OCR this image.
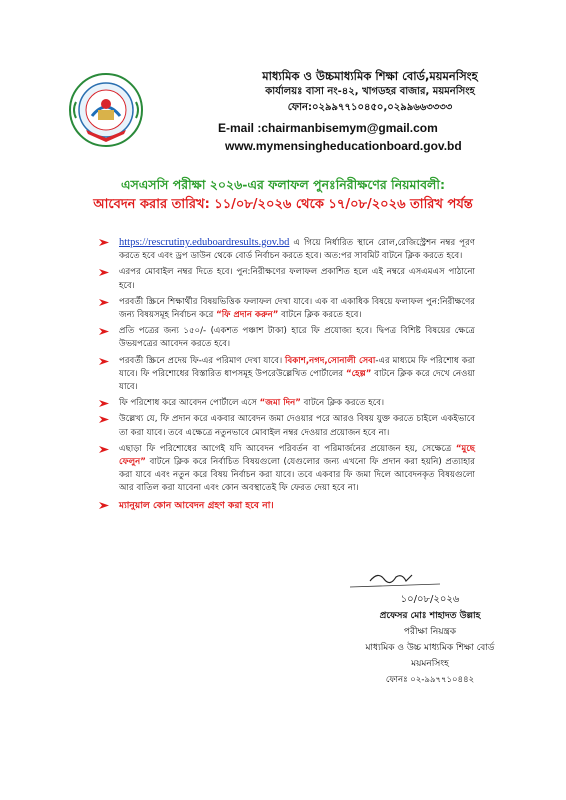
মাধ্যমিক ও উচ্চমাধ্যমিক শিক্ষা বোর্ড,ময়মনসিংহ
কার্যালয়ঃ বাসা নং-৪২, খাগডহর বাজার, ময়মনসিংহ
ফোন:০২৯৯৭৭১০৪৫০,০২৯৯৬৬৩৩৩৩
E-mail :chairmanbisemym@gmail.com
www.mymensingheducationboard.gov.bd
এসএসসি পরীক্ষা ২০২৬-এর ফলাফল পুনঃনিরীক্ষণের নিয়মাবলী:
আবেদন করার তারিখ: ১১/০৮/২০২৬ থেকে ১৭/০৮/২০২৬ তারিখ পর্যন্ত
https://rescrutiny.eduboardresults.gov.bd এ গিয়ে নির্ধারিত স্থানে রোল,রেজিস্ট্রেশন নম্বর পূরণ করতে হবে এবং ড্রপ ডাউন থেকে বোর্ড নির্বাচন করতে হবে। অত:পর সাবমিট বাটনে ক্লিক করতে হবে।
এরপর মোবাইল নম্বর দিতে হবে। পুন:নিরীক্ষণের ফলাফল প্রকাশিত হলে এই নম্বরে এসএমএস পাঠানো হবে।
পরবর্তী স্ক্রিনে শিক্ষার্থীর বিষয়ভিত্তিক ফলাফল দেখা যাবে। এক বা একাধিক বিষয়ে ফলাফল পুন:নিরীক্ষণের জন্য বিষয়সমূহ নির্বাচন করে “ফি প্রদান করুন” বাটনে ক্লিক করতে হবে।
প্রতি পত্রের জন্য ১৫০/- (একশত পঞ্চাশ টাকা) হারে ফি প্রযোজ্য হবে। দ্বিপত্র বিশিষ্ট বিষয়ের ক্ষেত্রে উভয়পত্রের আবেদন করতে হবে।
পরবর্তী স্ক্রিনে প্রদেয় ফি-এর পরিমাণ দেখা যাবে। বিকাশ,নগদ,সোনালী সেবা-এর মাধ্যমে ফি পরিশোধ করা যাবে। ফি পরিশোধের বিস্তারিত ধাপসমূহ উপরেউল্লেখিত পোর্টালের “হেল্প” বাটনে ক্লিক করে দেখে নেওয়া যাবে।
ফি পরিশোধ করে আবেদন পোর্টালে এসে “জমা দিন” বাটনে ক্লিক করতে হবে।
উল্লেখ্য যে, ফি প্রদান করে একবার আবেদন জমা দেওয়ার পরে আরও বিষয় যুক্ত করতে চাইলে একইভাবে তা করা যাবে। তবে এক্ষেত্রে নতুনভাবে মোবাইল নম্বর দেওয়ার প্রয়োজন হবে না।
এছাড়া ফি পরিশোধের আগেই যদি আবেদন পরিবর্তন বা পরিমার্জনের প্রয়োজন হয়, সেক্ষেত্রে “মুছে ফেলুন” বাটনে ক্লিক করে নির্বাচিত বিষয়গুলো (যেগুলোর জন্য এখনো ফি প্রদান করা হয়নি) প্রত্যাহার করা যাবে এবং নতুন করে বিষয় নির্বাচন করা যাবে। তবে একবার ফি জমা দিলে আবেদনকৃত বিষয়গুলো আর বাতিল করা যাবেনা এবং কোন অবস্থাতেই ফি ফেরত দেয়া হবে না।
ম্যানুয়াল কোন আবেদন গ্রহণ করা হবে না।
১০/০৮/২০২৬
প্রফেসর মোঃ শাহাদত উল্লাহ
পরীক্ষা নিয়ন্ত্রক
মাধ্যমিক ও উচ্চ মাধ্যমিক শিক্ষা বোর্ড
ময়মনসিংহ
ফোনঃ ০২-৯৯৭৭১০৪৪২
